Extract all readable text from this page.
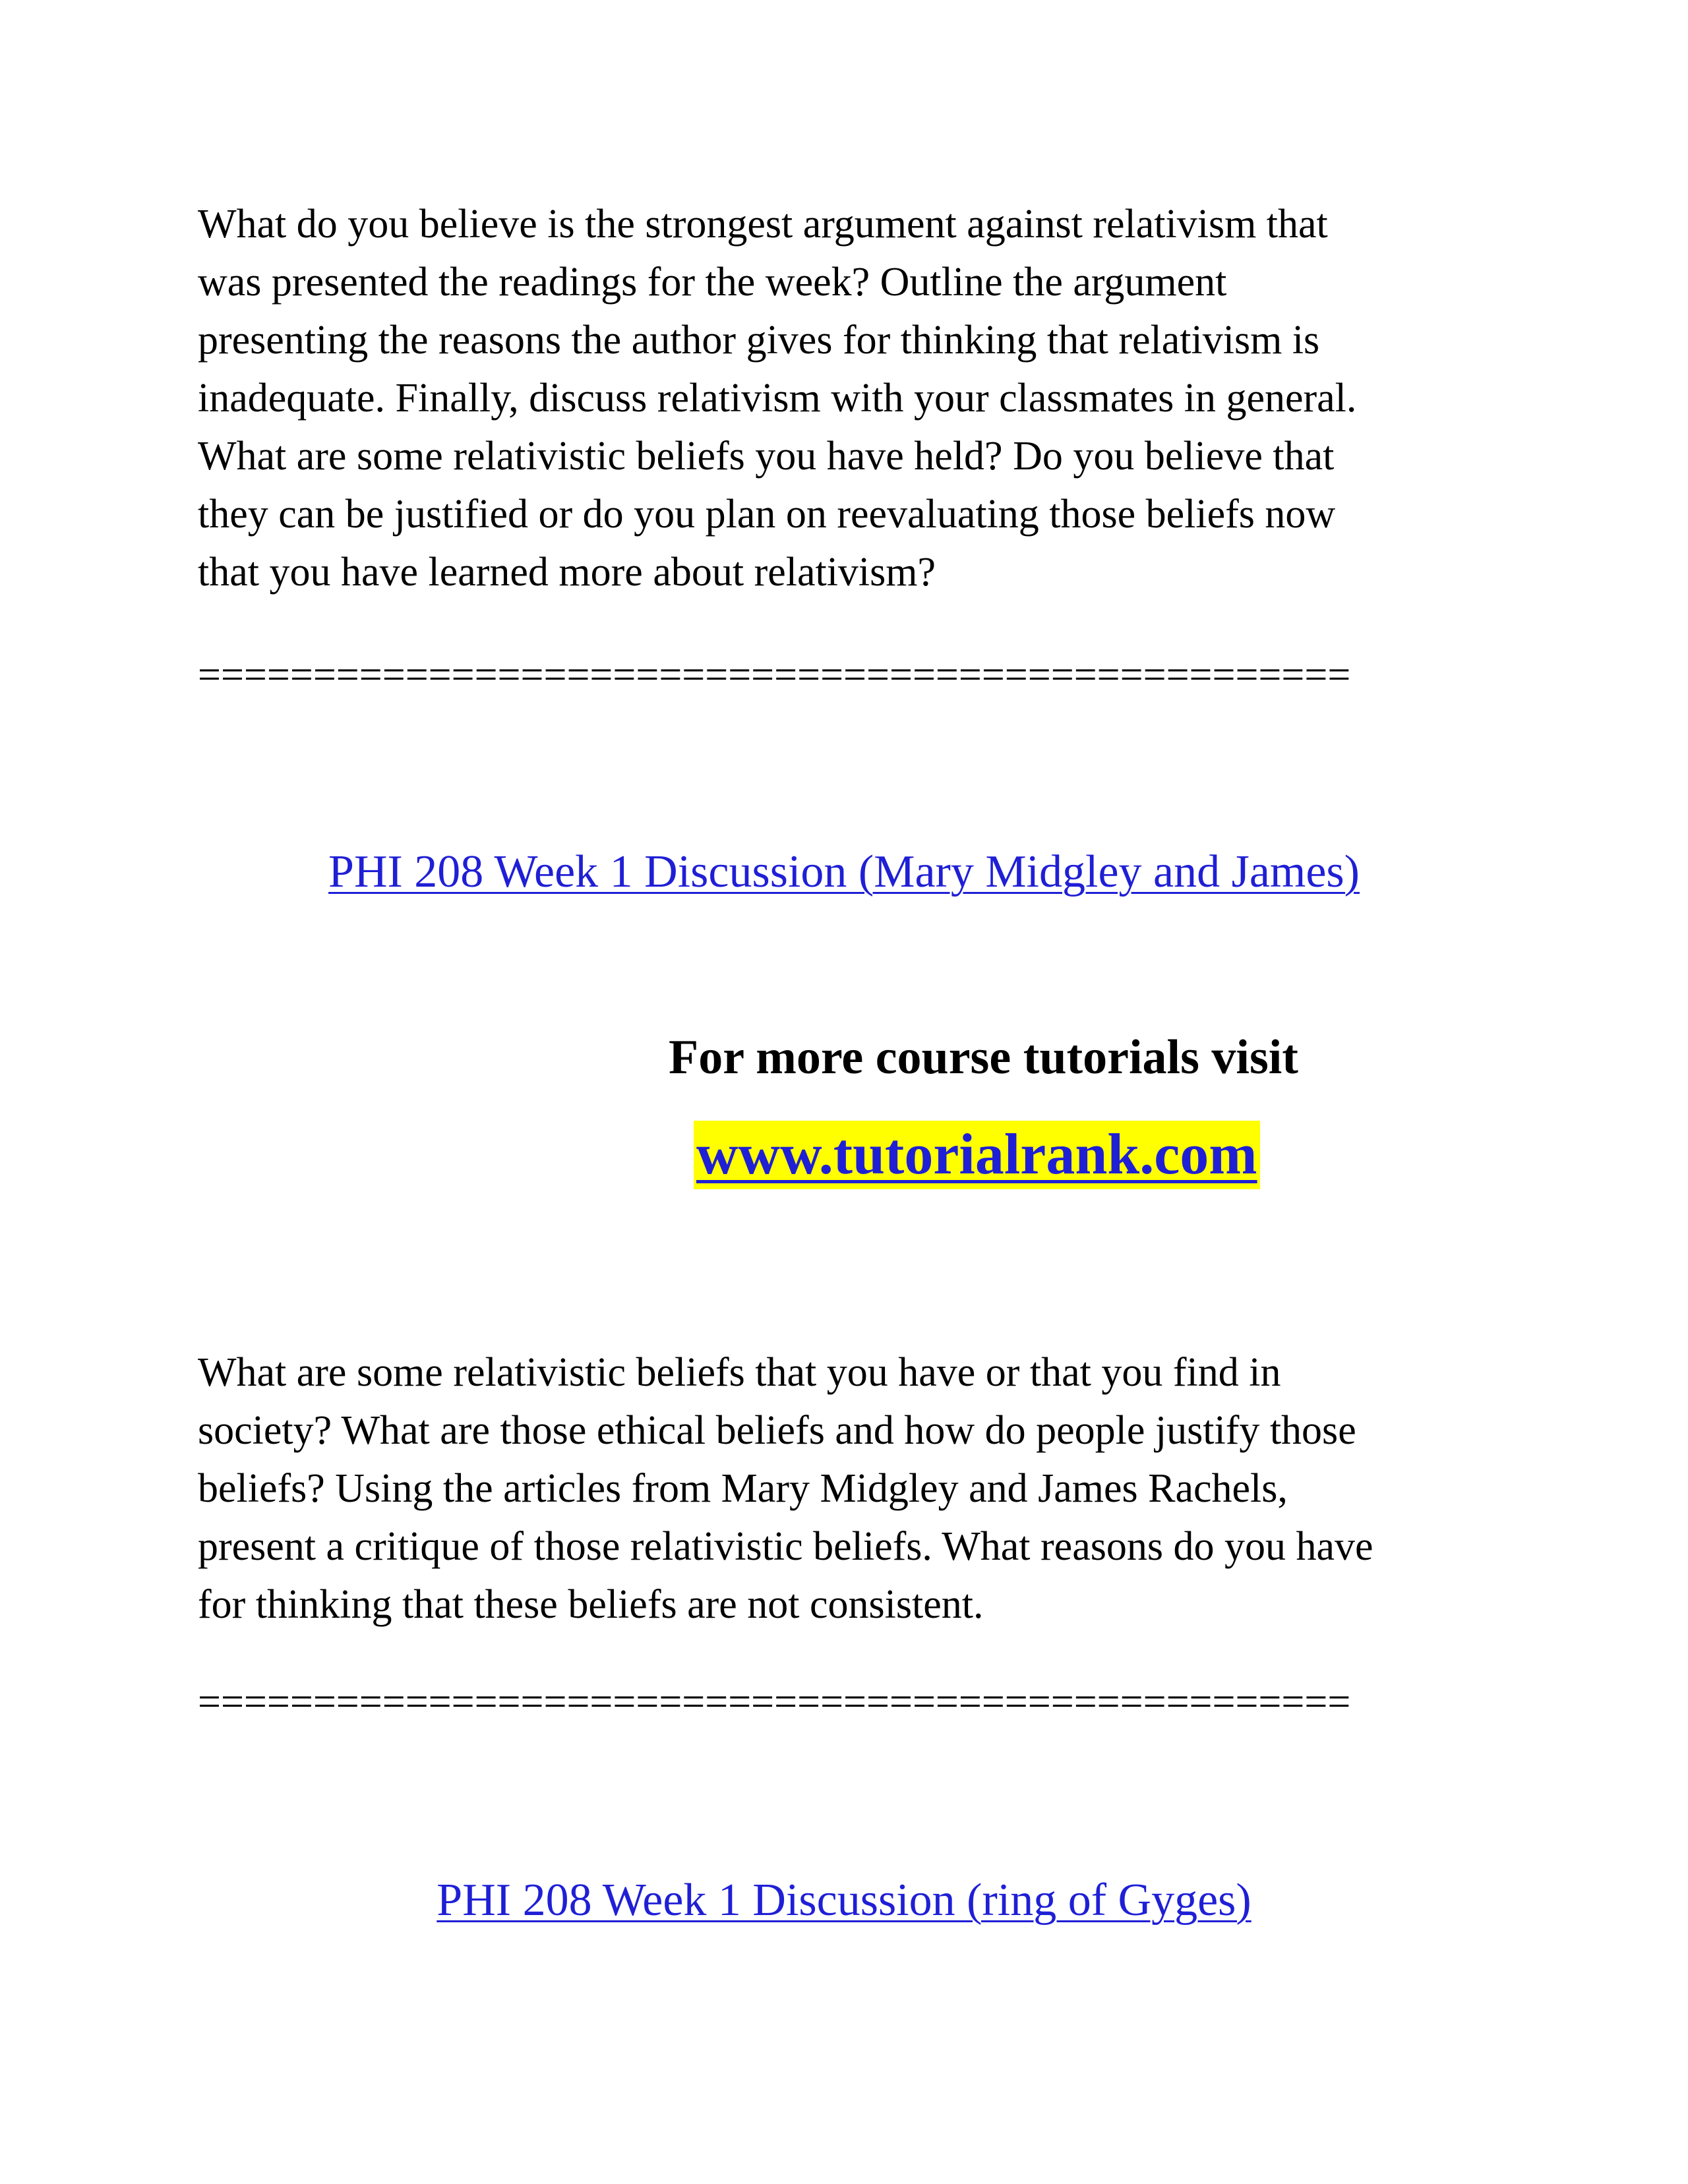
What do you believe is the strongest argument against relativism that
was presented the readings for the week? Outline the argument
presenting the reasons the author gives for thinking that relativism is
inadequate. Finally, discuss relativism with your classmates in general.
What are some relativistic beliefs you have held? Do you believe that
they can be justified or do you plan on reevaluating those beliefs now
that you have learned more about relativism?

==================================================

PHI 208 Week 1 Discussion (Mary Midgley and James)

For more course tutorials visit

www.tutorialrank.com

What are some relativistic beliefs that you have or that you find in
society? What are those ethical beliefs and how do people justify those
beliefs? Using the articles from Mary Midgley and James Rachels,
present a critique of those relativistic beliefs. What reasons do you have
for thinking that these beliefs are not consistent.

==================================================

PHI 208 Week 1 Discussion (ring of Gyges)
